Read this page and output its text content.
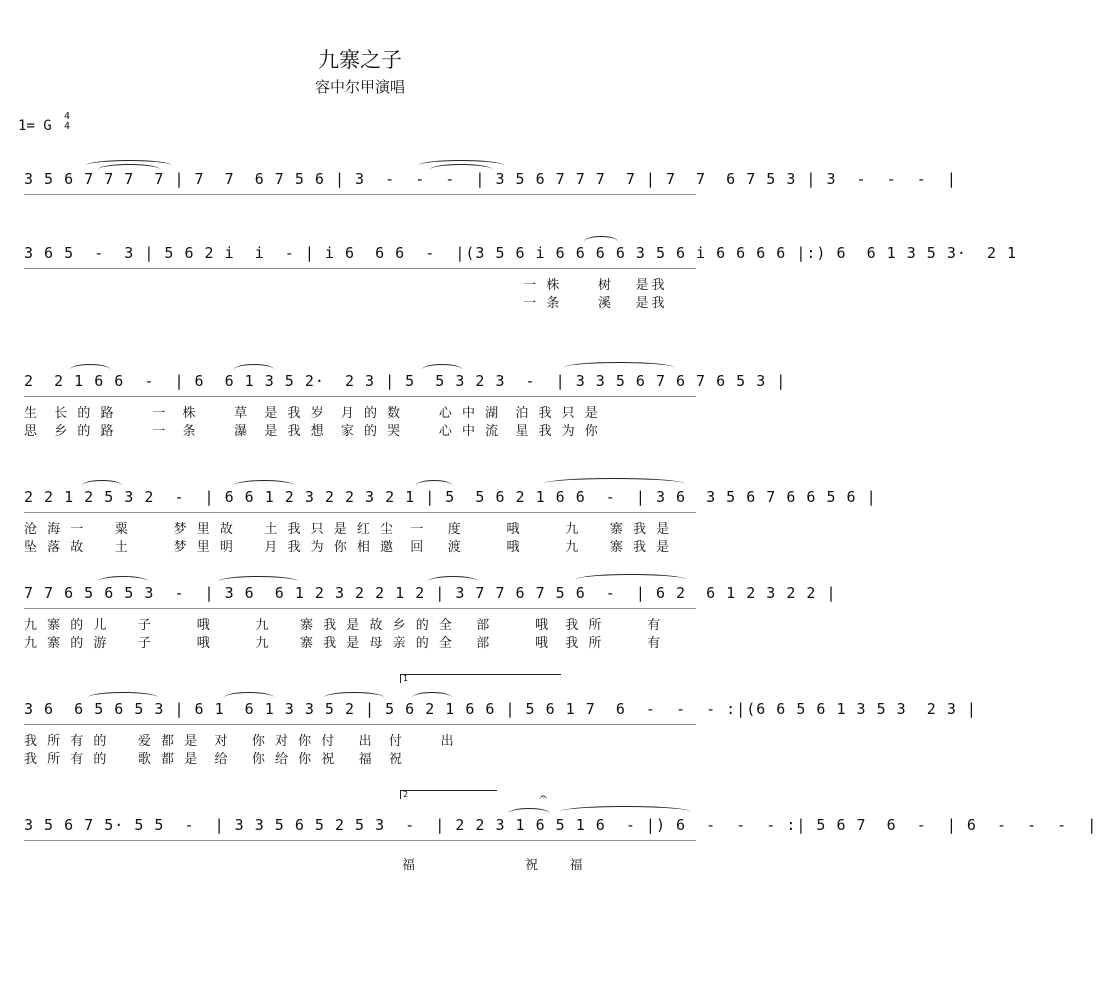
九寨之子
容中尔甲演唱
1= G
4
4
3 5 6 7 7 7  7 | 7  7  6 7 5 6 | 3  -  -  -  | 3 5 6 7 7 7  7 | 7  7  6 7 5 3 | 3  -  -  -  |
3 6 5  -  3 | 5 6 2 i  i  - | i 6  6 6  -  |(3 5 6 i 6 6 6 6 3 5 6 i 6 6 6 6 |:) 6  6 1 3 5 3·  2 1
一 株     树   是我
一 条     溪   是我
2  2 1 6 6  -  | 6  6 1 3 5 2·  2 3 | 5  5 3 2 3  -  | 3 3 5 6 7 6 7 6 5 3 |
生  长 的 路     一  株     草  是 我 岁  月 的 数     心 中 湖  泊 我 只 是
思  乡 的 路     一  条     瀑  是 我 想  家 的 哭     心 中 流  星 我 为 你
2 2 1 2 5 3 2  -  | 6 6 1 2 3 2 2 3 2 1 | 5  5 6 2 1 6 6  -  | 3 6  3 5 6 7 6 6 5 6 |
沧 海 一    粟      梦 里 故    土 我 只 是 红 尘  一   度      哦      九    寨 我 是
坠 落 故    土      梦 里 明    月 我 为 你 相 邀  回   渡      哦      九    寨 我 是
7 7 6 5 6 5 3  -  | 3 6  6 1 2 3 2 2 1 2 | 3 7 7 6 7 5 6  -  | 6 2  6 1 2 3 2 2 |
九 寨 的 儿    子      哦      九    寨 我 是 故 乡 的 全   部      哦  我 所      有
九 寨 的 游    子      哦      九    寨 我 是 母 亲 的 全   部      哦  我 所      有
1
3 6  6 5 6 5 3 | 6 1  6 1 3 3 5 2 | 5 6 2 1 6 6 | 5 6 1 7  6  -  -  - :|(6 6 5 6 1 3 5 3  2 3 |
我 所 有 的    爱 都 是  对   你 对 你 付   出  付     出
我 所 有 的    歌 都 是  给   你 给 你 祝   福  祝
2	𝄐
3 5 6 7 5· 5 5  -  | 3 3 5 6 5 2 5 3  -  | 2 2 3 1 6 5 1 6  - |) 6  -  -  - :| 5 6 7  6  -  | 6  -  -  -  |
福               祝    福
